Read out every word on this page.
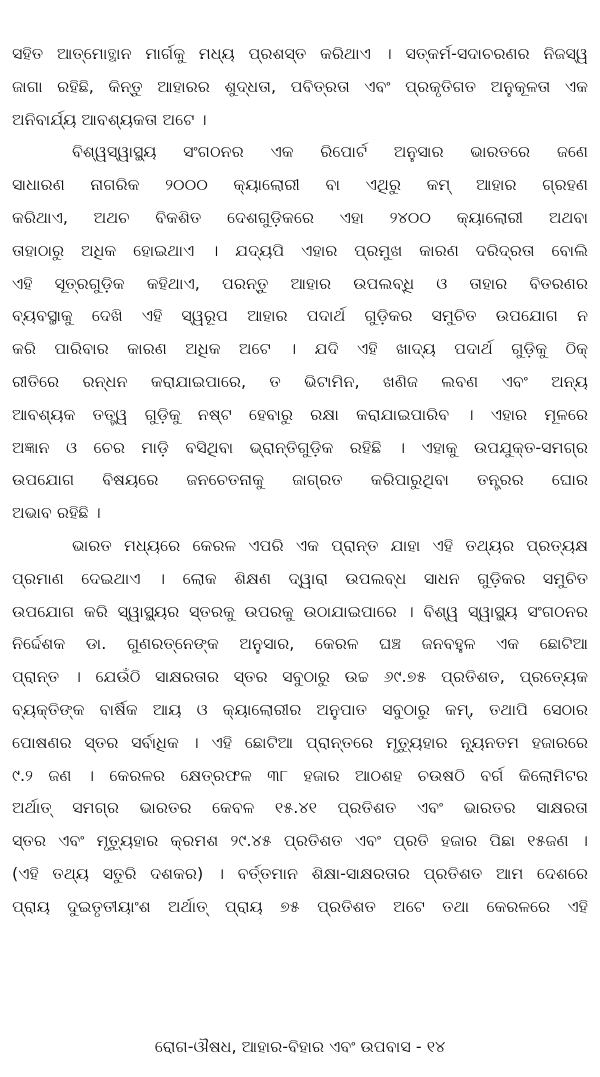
ସହିତ ଆତ୍ମୋତ୍ଥାନ ମାର୍ଗକୁ ମଧ୍ୟ ପ୍ରଶସ୍ତ କରିଥାଏ । ସତ୍‌କର୍ମ-ସଦାଚରଣର ନିଜସ୍ୱ
ଜାଗା ରହିଛି, କିନ୍ତୁ ଆହାରର ଶୁଦ୍ଧତା, ପବିତ୍ରତା ଏବଂ ପ୍ରକୃତିଗତ ଅନୁକୂଳତା ଏକ
ଅନିବାର୍ଯ୍ୟ ଆବଶ୍ୟକତା ଅଟେ ।
ବିଶ୍ୱସ୍ୱାସ୍ଥ୍ୟ ସଂଗଠନର ଏକ ରିପୋର୍ଟ ଅନୁସାର ଭାରତରେ ଜଣେ
ସାଧାରଣ ନାଗରିକ ୨୦୦୦ କ୍ୟାଲୋରୀ ବା ଏଥିରୁ କମ୍ ଆହାର ଗ୍ରହଣ
କରିଥାଏ, ଅଥଚ ବିକଶିତ ଦେଶଗୁଡ଼ିକରେ ଏହା ୨୪୦୦ କ୍ୟାଲୋରୀ ଅଥବା
ତାହାଠାରୁ ଅଧିକ ହୋଇଥାଏ । ଯଦ୍ୟପି ଏହାର ପ୍ରମୁଖ କାରଣ ଦରିଦ୍ରତା ବୋଲି
ଏହି ସୂତ୍ରଗୁଡ଼ିକ କହିଥାଏ, ପରନ୍ତୁ ଆହାର ଉପଲବ୍ଧି ଓ ତାହାର ବିତରଣର
ବ୍ୟବସ୍ଥାକୁ ଦେଖି ଏହି ସ୍ୱରୂପ ଆହାର ପଦାର୍ଥ ଗୁଡ଼ିକର ସମୁଚିତ ଉପଯୋଗ ନ
କରି ପାରିବାର କାରଣ ଅଧିକ ଅଟେ । ଯଦି ଏହି ଖାଦ୍ୟ ପଦାର୍ଥ ଗୁଡ଼ିକୁ ଠିକ୍
ରୀତିରେ ରନ୍ଧନ କରାଯାଇପାରେ, ତ ଭିଟାମିନ, ଖଣିଜ ଲବଣ ଏବଂ ଅନ୍ୟ
ଆବଶ୍ୟକ ତତ୍ତ୍ୱ ଗୁଡ଼ିକୁ ନଷ୍ଟ ହେବାରୁ ରକ୍ଷା କରାଯାଇପାରିବ । ଏହାର ମୂଳରେ
ଅଜ୍ଞାନ ଓ ଚେର ମାଡ଼ି ବସିଥିବା ଭ୍ରାନ୍ତିଗୁଡ଼ିକ ରହିଛି । ଏହାକୁ ଉପଯୁକ୍ତ-ସମଗ୍ର
ଉପଯୋଗ ବିଷୟରେ ଜନଚେତନାକୁ ଜାଗ୍ରତ କରିପାରୁଥିବା ତନ୍ତ୍ରର ଘୋର
ଅଭାବ ରହିଛି ।
ଭାରତ ମଧ୍ୟରେ କେରଳ ଏପରି ଏକ ପ୍ରାନ୍ତ ଯାହା ଏହି ତଥ୍ୟର ପ୍ରତ୍ୟକ୍ଷ
ପ୍ରମାଣ ଦେଇଥାଏ । ଲୋକ ଶିକ୍ଷଣ ଦ୍ୱାରା ଉପଲବ୍ଧ ସାଧନ ଗୁଡ଼ିକର ସମୁଚିତ
ଉପଯୋଗ କରି ସ୍ୱାସ୍ଥ୍ୟର ସ୍ତରକୁ ଉପରକୁ ଉଠାଯାଇପାରେ । ବିଶ୍ୱ ସ୍ୱାସ୍ଥ୍ୟ ସଂଗଠନର
ନିର୍ଦ୍ଦେଶକ ଡା. ଗୁଣରତ୍ନେଙ୍କ ଅନୁସାର, କେରଳ ଘଞ୍ଚ ଜନବହୁଳ ଏକ ଛୋଟିଆ
ପ୍ରାନ୍ତ । ଯେଉଁଠି ସାକ୍ଷରତାର ସ୍ତର ସବୁଠାରୁ ଉଚ୍ଚ ୬୯.୭୫ ପ୍ରତିଶତ, ପ୍ରତ୍ୟେକ
ବ୍ୟକ୍ତିଙ୍କ ବାର୍ଷିକ ଆୟ ଓ କ୍ୟାଲୋରୀର ଅନୁପାତ ସବୁଠାରୁ କମ୍, ତଥାପି ସେଠାର
ପୋଷଣର ସ୍ତର ସର୍ବାଧିକ । ଏହି ଛୋଟିଆ ପ୍ରାନ୍ତରେ ମୃତ୍ୟୁହାର ନ୍ୟୂନତମ ହଜାରରେ
୯.୨ ଜଣ । କେରଳର କ୍ଷେତ୍ରଫଳ ୩୮ ହଜାର ଆଠଶହ ଚଉଷଠି ବର୍ଗ କିଲୋମିଟର
ଅର୍ଥାତ୍ ସମଗ୍ର ଭାରତର କେବଳ ୧୫.୪୧ ପ୍ରତିଶତ ଏବଂ ଭାରତର ସାକ୍ଷରତା
ସ୍ତର ଏବଂ ମୃତ୍ୟୁହାର କ୍ରମଶ ୨୯.୪୫ ପ୍ରତିଶତ ଏବଂ ପ୍ରତି ହଜାର ପିଛା ୧୫ଜଣ ।
(ଏହି ତଥ୍ୟ ସତୁରି ଦଶକର) । ବର୍ତ୍ତମାନ ଶିକ୍ଷା-ସାକ୍ଷରତାର ପ୍ରତିଶତ ଆମ ଦେଶରେ
ପ୍ରାୟ ଦୁଇତୃତୀୟାଂଶ ଅର୍ଥାତ୍ ପ୍ରାୟ ୭୫ ପ୍ରତିଶତ ଅଟେ ତଥା କେରଳରେ ଏହି
ରୋଗ-ଔଷଧ, ଆହାର-ବିହାର ଏବଂ ଉପବାସ - ୧୪
